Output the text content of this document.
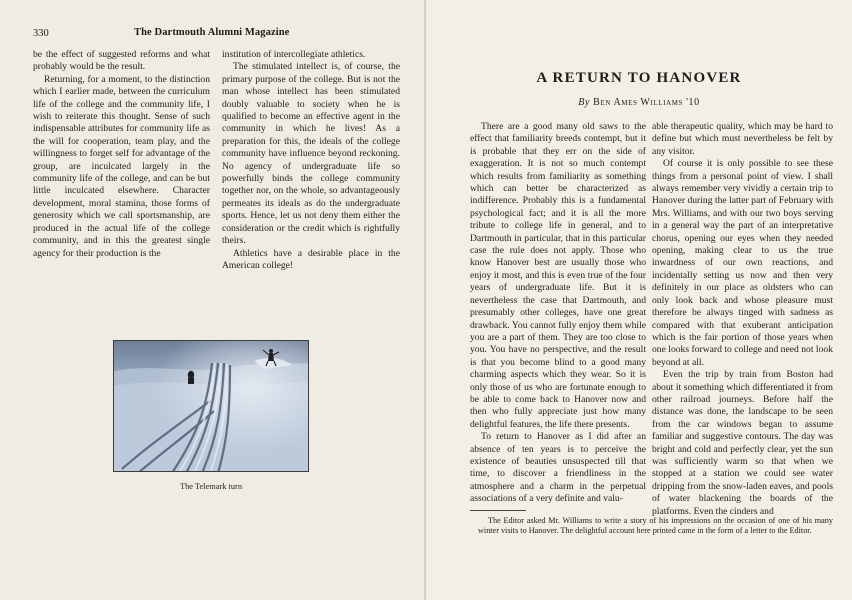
330	The Dartmouth Alumni Magazine

be the effect of suggested reforms and what probably would be the result.

Returning, for a moment, to the distinction which I earlier made, between the curriculum life of the college and the community life, I wish to reiterate this thought. Sense of such indispensable attributes for community life as the will for cooperation, team play, and the willingness to forget self for advantage of the group, are inculcated largely in the community life of the college, and can be but little inculcated elsewhere. Character development, moral stamina, those forms of generosity which we call sportsmanship, are produced in the actual life of the college community, and in this the greatest single agency for their production is the

institution of intercollegiate athletics.

The stimulated intellect is, of course, the primary purpose of the college. But is not the man whose intellect has been stimulated doubly valuable to society when he is qualified to become an effective agent in the community in which he lives! As a preparation for this, the ideals of the college community have influence beyond reckoning. No agency of undergraduate life so powerfully binds the college community together nor, on the whole, so advantageously permeates its ideals as do the undergraduate sports. Hence, let us not deny them either the consideration or the credit which is rightfully theirs.

Athletics have a desirable place in the American college!

The Telemark turn
A RETURN TO HANOVER
By Ben Ames Williams '10

There are a good many old saws to the effect that familiarity breeds contempt, but it is probable that they err on the side of exaggeration. It is not so much contempt which results from familiarity as something which can better be characterized as indifference. Probably this is a fundamental psychological fact; and it is all the more tribute to college life in general, and to Dartmouth in particular, that in this particular case the rule does not apply. Those who know Hanover best are usually those who enjoy it most, and this is even true of the four years of undergraduate life. But it is nevertheless the case that Dartmouth, and presumably other colleges, have one great drawback. You cannot fully enjoy them while you are a part of them. They are too close to you. You have no perspective, and the result is that you become blind to a good many charming aspects which they wear. So it is only those of us who are fortunate enough to be able to come back to Hanover now and then who fully appreciate just how many delightful features, the life there presents.

To return to Hanover as I did after an absence of ten years is to perceive the existence of beauties unsuspected till that time, to discover a friendliness in the atmosphere and a charm in the perpetual associations of a very definite and valu-

able therapeutic quality, which may be hard to define but which must nevertheless be felt by any visitor.

Of course it is only possible to see these things from a personal point of view. I shall always remember very vividly a certain trip to Hanover during the latter part of February with Mrs. Williams, and with our two boys serving in a general way the part of an interpretative chorus, opening our eyes when they needed opening, making clear to us the true inwardness of our own reactions, and incidentally setting us now and then very definitely in our place as oldsters who can only look back and whose pleasure must therefore be always tinged with sadness as compared with that exuberant anticipation which is the fair portion of those years when one looks forward to college and need not look beyond at all.

Even the trip by train from Boston had about it something which differentiated it from other railroad journeys. Before half the distance was done, the landscape to be seen from the car windows began to assume familiar and suggestive contours. The day was bright and cold and perfectly clear, yet the sun was sufficiently warm so that when we stopped at a station we could see water dripping from the snow-laden eaves, and pools of water blackening the boards of the platforms. Even the cinders and

The Editor asked Mr. Williams to write a story of his impressions on the occasion of one of his many winter visits to Hanover. The delightful account here printed came in the form of a letter to the Editor.
